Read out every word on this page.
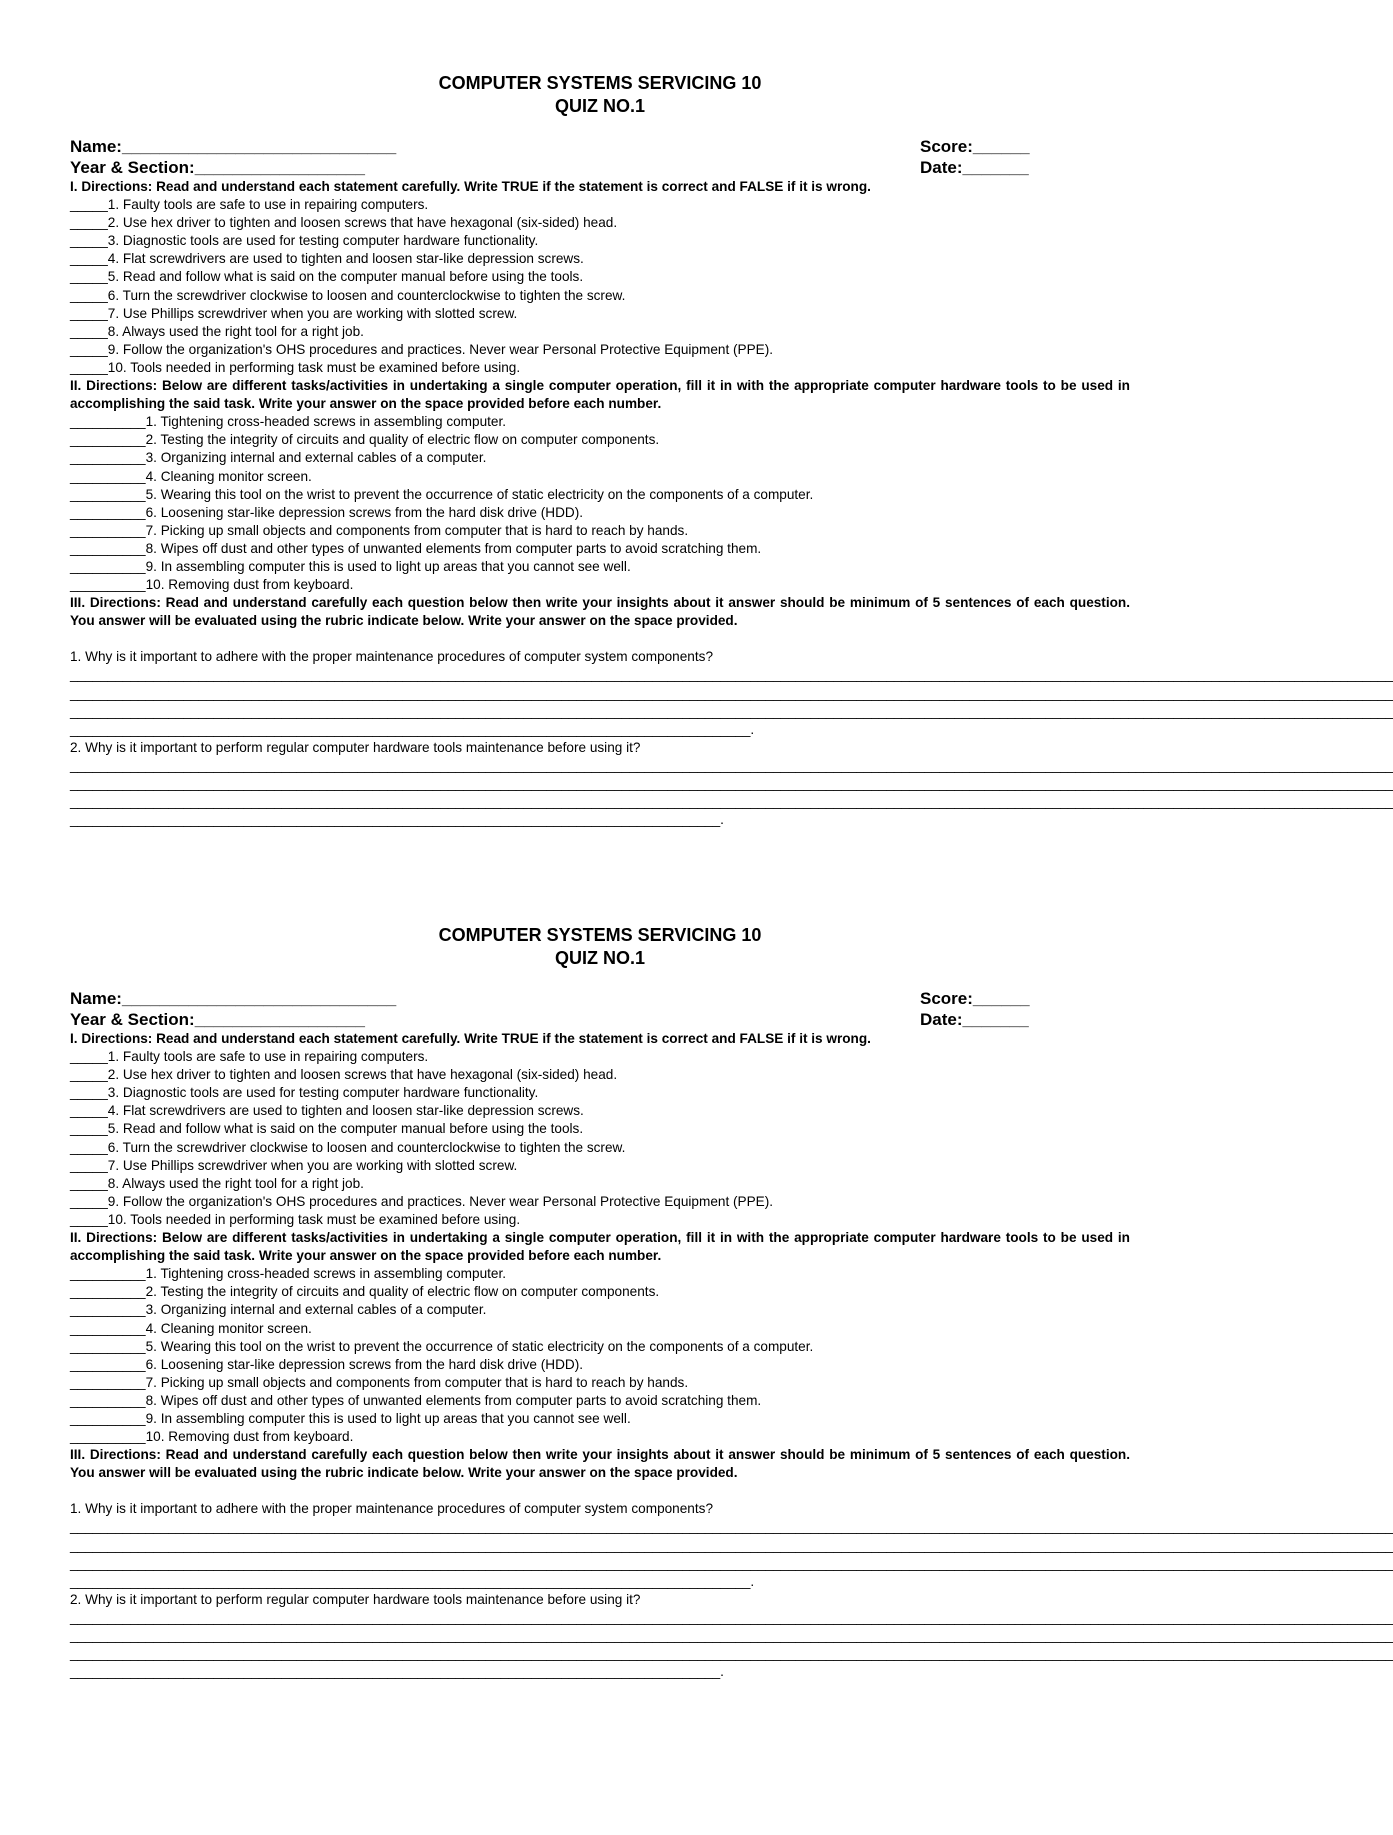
COMPUTER SYSTEMS SERVICING 10
QUIZ NO.1
Name:_____________________________	Score:______
Year & Section:__________________	Date:_______
I. Directions: Read and understand each statement carefully. Write TRUE if the statement is correct and FALSE if it is wrong.
_____1. Faulty tools are safe to use in repairing computers.
_____2. Use hex driver to tighten and loosen screws that have hexagonal (six-sided) head.
_____3. Diagnostic tools are used for testing computer hardware functionality.
_____4. Flat screwdrivers are used to tighten and loosen star-like depression screws.
_____5. Read and follow what is said on the computer manual before using the tools.
_____6. Turn the screwdriver clockwise to loosen and counterclockwise to tighten the screw.
_____7. Use Phillips screwdriver when you are working with slotted screw.
_____8. Always used the right tool for a right job.
_____9. Follow the organization's OHS procedures and practices. Never wear Personal Protective Equipment (PPE).
_____10. Tools needed in performing task must be examined before using.
II. Directions: Below are different tasks/activities in undertaking a single computer operation, fill it in with the appropriate computer hardware tools to be used in accomplishing the said task. Write your answer on the space provided before each number.
__________1. Tightening cross-headed screws in assembling computer.
__________2. Testing the integrity of circuits and quality of electric flow on computer components.
__________3. Organizing internal and external cables of a computer.
__________4. Cleaning monitor screen.
__________5. Wearing this tool on the wrist to prevent the occurrence of static electricity on the components of a computer.
__________6. Loosening star-like depression screws from the hard disk drive (HDD).
__________7. Picking up small objects and components from computer that is hard to reach by hands.
__________8. Wipes off dust and other types of unwanted elements from computer parts to avoid scratching them.
__________9. In assembling computer this is used to light up areas that you cannot see well.
__________10. Removing dust from keyboard.
III. Directions: Read and understand carefully each question below then write your insights about it answer should be minimum of 5 sentences of each question. You answer will be evaluated using the rubric indicate below. Write your answer on the space provided.
1. Why is it important to adhere with the proper maintenance procedures of computer system components?
_______________________________________________________________________________________________________________________________________________________________________________
_______________________________________________________________________________________________________________________________________________________________________________
_______________________________________________________________________________________________________________________________________________________________________________
__________________________________________________________________________________________.
2. Why is it important to perform regular computer hardware tools maintenance before using it?
_______________________________________________________________________________________________________________________________________________________________________________
_______________________________________________________________________________________________________________________________________________________________________________
_______________________________________________________________________________________________________________________________________________________________________________
______________________________________________________________________________________.
COMPUTER SYSTEMS SERVICING 10
QUIZ NO.1
Name:_____________________________	Score:______
Year & Section:__________________	Date:_______
I. Directions: Read and understand each statement carefully. Write TRUE if the statement is correct and FALSE if it is wrong.
_____1. Faulty tools are safe to use in repairing computers.
_____2. Use hex driver to tighten and loosen screws that have hexagonal (six-sided) head.
_____3. Diagnostic tools are used for testing computer hardware functionality.
_____4. Flat screwdrivers are used to tighten and loosen star-like depression screws.
_____5. Read and follow what is said on the computer manual before using the tools.
_____6. Turn the screwdriver clockwise to loosen and counterclockwise to tighten the screw.
_____7. Use Phillips screwdriver when you are working with slotted screw.
_____8. Always used the right tool for a right job.
_____9. Follow the organization's OHS procedures and practices. Never wear Personal Protective Equipment (PPE).
_____10. Tools needed in performing task must be examined before using.
II. Directions: Below are different tasks/activities in undertaking a single computer operation, fill it in with the appropriate computer hardware tools to be used in accomplishing the said task. Write your answer on the space provided before each number.
__________1. Tightening cross-headed screws in assembling computer.
__________2. Testing the integrity of circuits and quality of electric flow on computer components.
__________3. Organizing internal and external cables of a computer.
__________4. Cleaning monitor screen.
__________5. Wearing this tool on the wrist to prevent the occurrence of static electricity on the components of a computer.
__________6. Loosening star-like depression screws from the hard disk drive (HDD).
__________7. Picking up small objects and components from computer that is hard to reach by hands.
__________8. Wipes off dust and other types of unwanted elements from computer parts to avoid scratching them.
__________9. In assembling computer this is used to light up areas that you cannot see well.
__________10. Removing dust from keyboard.
III. Directions: Read and understand carefully each question below then write your insights about it answer should be minimum of 5 sentences of each question. You answer will be evaluated using the rubric indicate below. Write your answer on the space provided.
1. Why is it important to adhere with the proper maintenance procedures of computer system components?
_______________________________________________________________________________________________________________________________________________________________________________
_______________________________________________________________________________________________________________________________________________________________________________
_______________________________________________________________________________________________________________________________________________________________________________
__________________________________________________________________________________________.
2. Why is it important to perform regular computer hardware tools maintenance before using it?
_______________________________________________________________________________________________________________________________________________________________________________
_______________________________________________________________________________________________________________________________________________________________________________
_______________________________________________________________________________________________________________________________________________________________________________
______________________________________________________________________________________.
